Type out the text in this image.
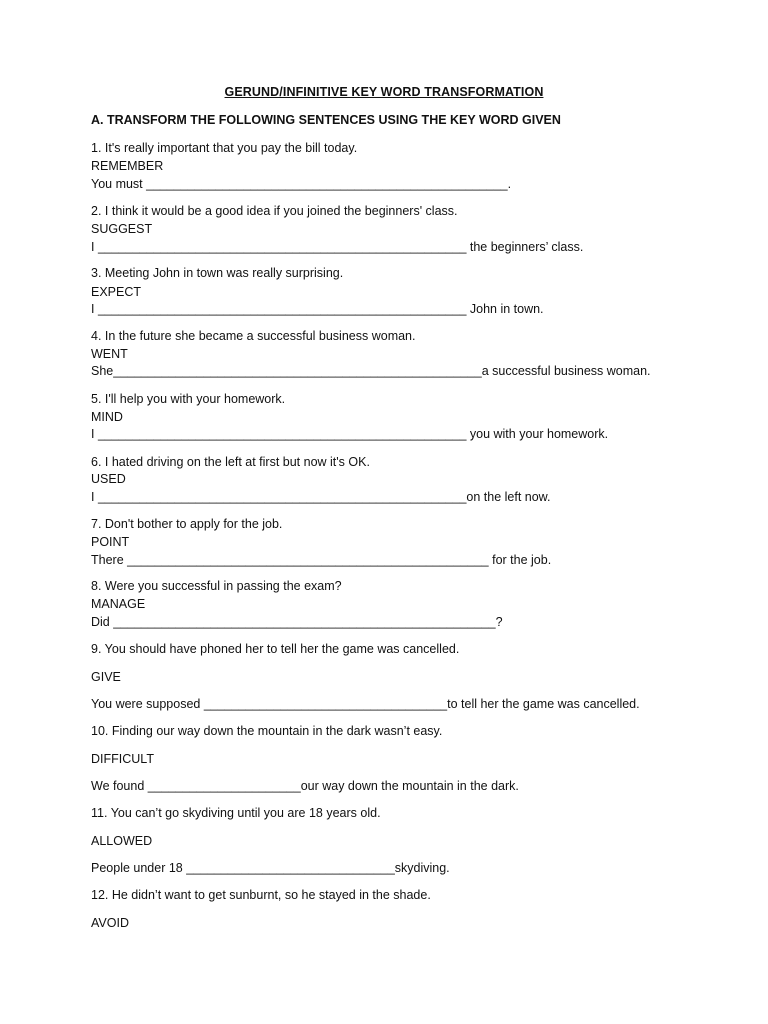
GERUND/INFINITIVE KEY WORD TRANSFORMATION
A. TRANSFORM THE FOLLOWING SENTENCES USING THE KEY WORD GIVEN
1. It's really important that you pay the bill today.
REMEMBER
You must ____________________________________________________.
2. I think it would be a good idea if you joined the beginners' class.
SUGGEST
I _____________________________________________________ the beginners’ class.
3. Meeting John in town was really surprising.
EXPECT
I _____________________________________________________ John in town.
4. In the future she became a successful business woman.
WENT
She_____________________________________________________a successful business woman.
5. I'll help you with your homework.
MIND
I _____________________________________________________ you with your homework.
6. I hated driving on the left at first but now it's OK.
USED
I _____________________________________________________on the left now.
7. Don't bother to apply for the job.
POINT
There ____________________________________________________ for the job.
8. Were you successful in passing the exam?
MANAGE
Did _______________________________________________________?
9. You should have phoned her to tell her the game was cancelled.
GIVE
You were supposed ___________________________________to tell her the game was cancelled.
10. Finding our way down the mountain in the dark wasn’t easy.
DIFFICULT
We found ______________________our way down the mountain in the dark.
11. You can’t go skydiving until you are 18 years old.
ALLOWED
People under 18 ______________________________skydiving.
12. He didn’t want to get sunburnt, so he stayed in the shade.
AVOID
